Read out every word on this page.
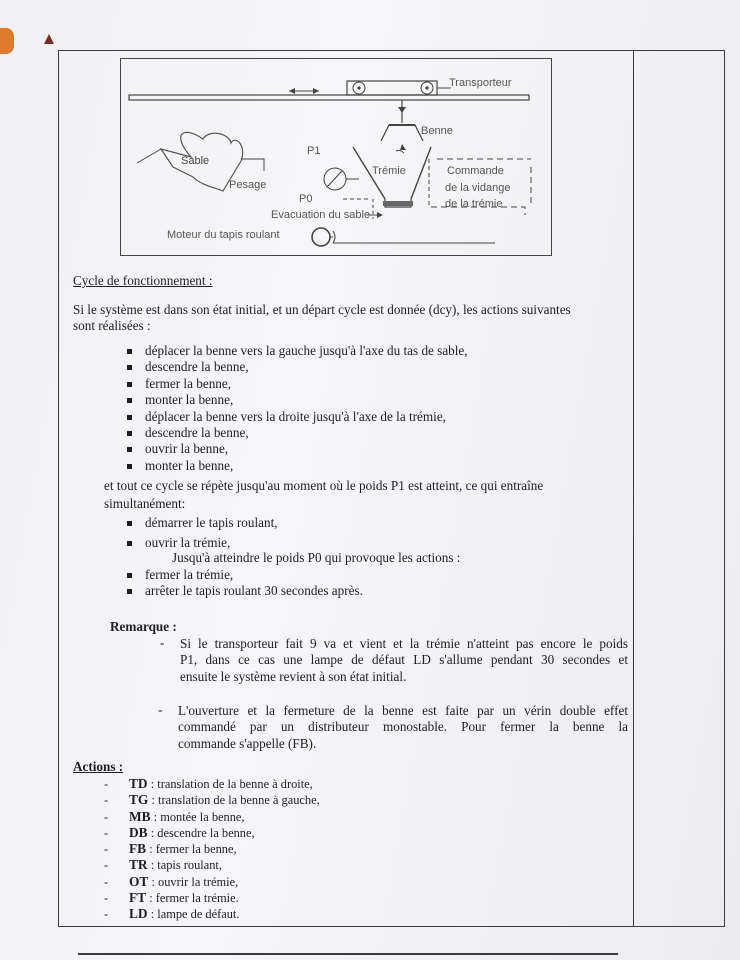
Transporteur
Benne
Sable
Pesage
P1
P0
Trémie	Commande
de la vidange
de la trémie
Evacuation du sable
Moteur du tapis roulant
Cycle de fonctionnement :
Si le système est dans son état initial, et un départ cycle est donnée (dcy), les actions suivantes
sont réalisées :
déplacer la benne vers la gauche jusqu'à l'axe du tas de sable,
descendre la benne,
fermer la benne,
monter la benne,
déplacer la benne vers la droite jusqu'à l'axe de la trémie,
descendre la benne,
ouvrir la benne,
monter la benne,
et tout ce cycle se répète jusqu'au moment où le poids P1 est atteint, ce qui entraîne
simultanément:
démarrer le tapis roulant,
ouvrir la trémie,
Jusqu'à atteindre le poids P0 qui provoque les actions :
fermer la trémie,
arrêter le tapis roulant 30 secondes après.
Remarque :
- Si le transporteur fait 9 va et vient et la trémie n'atteint pas encore le poids
P1, dans ce cas une lampe de défaut LD s'allume pendant 30 secondes et
ensuite le système revient à son état initial.
- L'ouverture et la fermeture de la benne est faite par un vérin double effet
commandé par un distributeur monostable. Pour fermer la benne la
commande s'appelle (FB).
Actions :
- TD : translation de la benne à droite,
- TG : translation de la benne à gauche,
- MB : montée la benne,
- DB : descendre la benne,
- FB : fermer la benne,
- TR : tapis roulant,
- OT : ouvrir la trémie,
- FT : fermer la trémie.
- LD : lampe de défaut.
